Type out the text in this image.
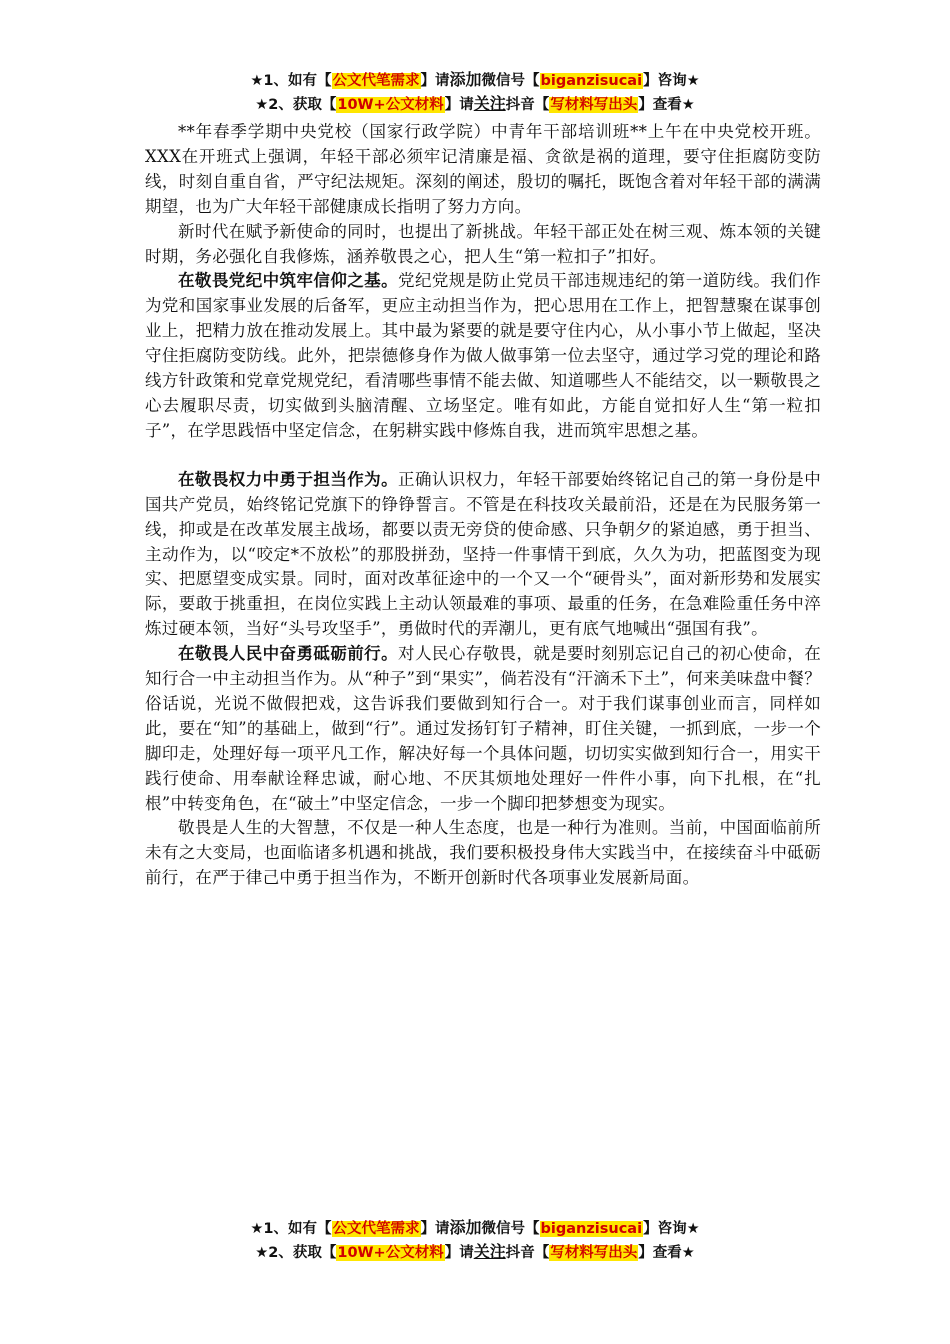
★1、如有【公文代笔需求】请添加微信号【biganzisucai】咨询★
★2、获取【10W+公文材料】请关注抖音【写材料写出头】查看★

**年春季学期中央党校（国家行政学院）中青年干部培训班**上午在中央党校开班。XXX在开班式上强调，年轻干部必须牢记清廉是福、贪欲是祸的道理，要守住拒腐防变防线，时刻自重自省，严守纪法规矩。深刻的阐述，殷切的嘱托，既饱含着对年轻干部的满满期望，也为广大年轻干部健康成长指明了努力方向。

新时代在赋予新使命的同时，也提出了新挑战。年轻干部正处在树三观、炼本领的关键时期，务必强化自我修炼，涵养敬畏之心，把人生“第一粒扣子”扣好。

在敬畏党纪中筑牢信仰之基。党纪党规是防止党员干部违规违纪的第一道防线。我们作为党和国家事业发展的后备军，更应主动担当作为，把心思用在工作上，把智慧聚在谋事创业上，把精力放在推动发展上。其中最为紧要的就是要守住内心，从小事小节上做起，坚决守住拒腐防变防线。此外，把崇德修身作为做人做事第一位去坚守，通过学习党的理论和路线方针政策和党章党规党纪，看清哪些事情不能去做、知道哪些人不能结交，以一颗敬畏之心去履职尽责，切实做到头脑清醒、立场坚定。唯有如此，方能自觉扣好人生“第一粒扣子”，在学思践悟中坚定信念，在躬耕实践中修炼自我，进而筑牢思想之基。

在敬畏权力中勇于担当作为。正确认识权力，年轻干部要始终铭记自己的第一身份是中国共产党员，始终铭记党旗下的铮铮誓言。不管是在科技攻关最前沿，还是在为民服务第一线，抑或是在改革发展主战场，都要以责无旁贷的使命感、只争朝夕的紧迫感，勇于担当、主动作为，以“咬定*不放松”的那股拼劲，坚持一件事情干到底，久久为功，把蓝图变为现实、把愿望变成实景。同时，面对改革征途中的一个又一个“硬骨头”，面对新形势和发展实际，要敢于挑重担，在岗位实践上主动认领最难的事项、最重的任务，在急难险重任务中淬炼过硬本领，当好“头号攻坚手”，勇做时代的弄潮儿，更有底气地喊出“强国有我”。

在敬畏人民中奋勇砥砺前行。对人民心存敬畏，就是要时刻别忘记自己的初心使命，在知行合一中主动担当作为。从“种子”到“果实”，倘若没有“汗滴禾下土”，何来美味盘中餐？俗话说，光说不做假把戏，这告诉我们要做到知行合一。对于我们谋事创业而言，同样如此，要在“知”的基础上，做到“行”。通过发扬钉钉子精神，盯住关键，一抓到底，一步一个脚印走，处理好每一项平凡工作，解决好每一个具体问题，切切实实做到知行合一，用实干践行使命、用奉献诠释忠诚，耐心地、不厌其烦地处理好一件件小事，向下扎根，在“扎根”中转变角色，在“破土”中坚定信念，一步一个脚印把梦想变为现实。

敬畏是人生的大智慧，不仅是一种人生态度，也是一种行为准则。当前，中国面临前所未有之大变局，也面临诸多机遇和挑战，我们要积极投身伟大实践当中，在接续奋斗中砥砺前行，在严于律己中勇于担当作为，不断开创新时代各项事业发展新局面。

★1、如有【公文代笔需求】请添加微信号【biganzisucai】咨询★
★2、获取【10W+公文材料】请关注抖音【写材料写出头】查看★
